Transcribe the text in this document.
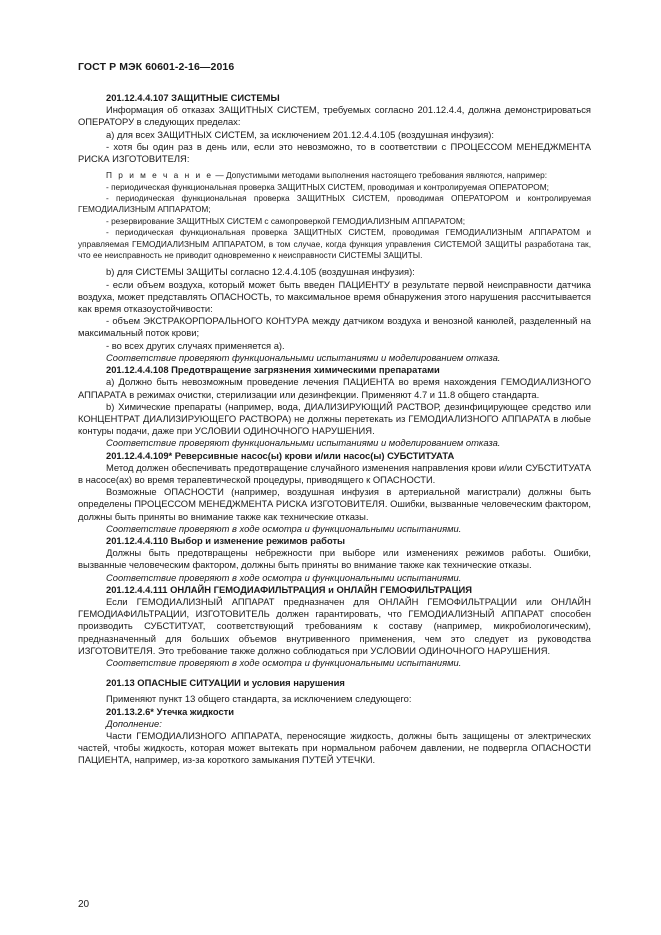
ГОСТ Р МЭК 60601-2-16—2016

201.12.4.4.107 ЗАЩИТНЫЕ СИСТЕМЫ

Информация об отказах ЗАЩИТНЫХ СИСТЕМ, требуемых согласно 201.12.4.4, должна демонстрироваться ОПЕРАТОРУ в следующих пределах:

а) для всех ЗАЩИТНЫХ СИСТЕМ, за исключением 201.12.4.4.105 (воздушная инфузия):

- хотя бы один раз в день или, если это невозможно, то в соответствии с ПРОЦЕССОМ МЕНЕДЖМЕНТА РИСКА ИЗГОТОВИТЕЛЯ:

П р и м е ч а н и е — Допустимыми методами выполнения настоящего требования являются, например:

- периодическая функциональная проверка ЗАЩИТНЫХ СИСТЕМ, проводимая и контролируемая ОПЕРАТОРОМ;

- периодическая функциональная проверка ЗАЩИТНЫХ СИСТЕМ, проводимая ОПЕРАТОРОМ и контролируемая ГЕМОДИАЛИЗНЫМ АППАРАТОМ;

- резервирование ЗАЩИТНЫХ СИСТЕМ с самопроверкой ГЕМОДИАЛИЗНЫМ АППАРАТОМ;

- периодическая функциональная проверка ЗАЩИТНЫХ СИСТЕМ, проводимая ГЕМОДИАЛИЗНЫМ АППАРАТОМ и управляемая ГЕМОДИАЛИЗНЫМ АППАРАТОМ, в том случае, когда функция управления СИСТЕМОЙ ЗАЩИТЫ разработана так, что ее неисправность не приводит одновременно к неисправности СИСТЕМЫ ЗАЩИТЫ.

b) для СИСТЕМЫ ЗАЩИТЫ согласно 12.4.4.105 (воздушная инфузия):

- если объем воздуха, который может быть введен ПАЦИЕНТУ в результате первой неисправности датчика воздуха, может представлять ОПАСНОСТЬ, то максимальное время обнаружения этого нарушения рассчитывается как время отказоустойчивости:

- объем ЭКСТРАКОРПОРАЛЬНОГО КОНТУРА между датчиком воздуха и венозной канюлей, разделенный на максимальный поток крови;

- во всех других случаях применяется а).

Соответствие проверяют функциональными испытаниями и моделированием отказа.

201.12.4.4.108 Предотвращение загрязнения химическими препаратами

а) Должно быть невозможным проведение лечения ПАЦИЕНТА во время нахождения ГЕМОДИАЛИЗНОГО АППАРАТА в режимах очистки, стерилизации или дезинфекции. Применяют 4.7 и 11.8 общего стандарта.

b) Химические препараты (например, вода, ДИАЛИЗИРУЮЩИЙ РАСТВОР, дезинфицирующее средство или КОНЦЕНТРАТ ДИАЛИЗИРУЮЩЕГО РАСТВОРА) не должны перетекать из ГЕМОДИАЛИЗНОГО АППАРАТА в любые контуры подачи, даже при УСЛОВИИ ОДИНОЧНОГО НАРУШЕНИЯ.

Соответствие проверяют функциональными испытаниями и моделированием отказа.

201.12.4.4.109* Реверсивные насос(ы) крови и/или насос(ы) СУБСТИТУАТА

Метод должен обеспечивать предотвращение случайного изменения направления крови и/или СУБСТИТУАТА в насосе(ах) во время терапевтической процедуры, приводящего к ОПАСНОСТИ.

Возможные ОПАСНОСТИ (например, воздушная инфузия в артериальной магистрали) должны быть определены ПРОЦЕССОМ МЕНЕДЖМЕНТА РИСКА ИЗГОТОВИТЕЛЯ. Ошибки, вызванные человеческим фактором, должны быть приняты во внимание также как технические отказы.

Соответствие проверяют в ходе осмотра и функциональными испытаниями.

201.12.4.4.110 Выбор и изменение режимов работы

Должны быть предотвращены небрежности при выборе или изменениях режимов работы. Ошибки, вызванные человеческим фактором, должны быть приняты во внимание также как технические отказы.

Соответствие проверяют в ходе осмотра и функциональными испытаниями.

201.12.4.4.111 ОНЛАЙН ГЕМОДИАФИЛЬТРАЦИЯ и ОНЛАЙН ГЕМОФИЛЬТРАЦИЯ

Если ГЕМОДИАЛИЗНЫЙ АППАРАТ предназначен для ОНЛАЙН ГЕМОФИЛЬТРАЦИИ или ОНЛАЙН ГЕМОДИАФИЛЬТРАЦИИ, ИЗГОТОВИТЕЛЬ должен гарантировать, что ГЕМОДИАЛИЗНЫЙ АППАРАТ способен производить СУБСТИТУАТ, соответствующий требованиям к составу (например, микробиологическим), предназначенный для больших объемов внутривенного применения, чем это следует из руководства ИЗГОТОВИТЕЛЯ. Это требование также должно соблюдаться при УСЛОВИИ ОДИНОЧНОГО НАРУШЕНИЯ.

Соответствие проверяют в ходе осмотра и функциональными испытаниями.

201.13 ОПАСНЫЕ СИТУАЦИИ и условия нарушения

Применяют пункт 13 общего стандарта, за исключением следующего:

201.13.2.6* Утечка жидкости

Дополнение:

Части ГЕМОДИАЛИЗНОГО АППАРАТА, переносящие жидкость, должны быть защищены от электрических частей, чтобы жидкость, которая может вытекать при нормальном рабочем давлении, не подвергла ОПАСНОСТИ ПАЦИЕНТА, например, из-за короткого замыкания ПУТЕЙ УТЕЧКИ.

20
